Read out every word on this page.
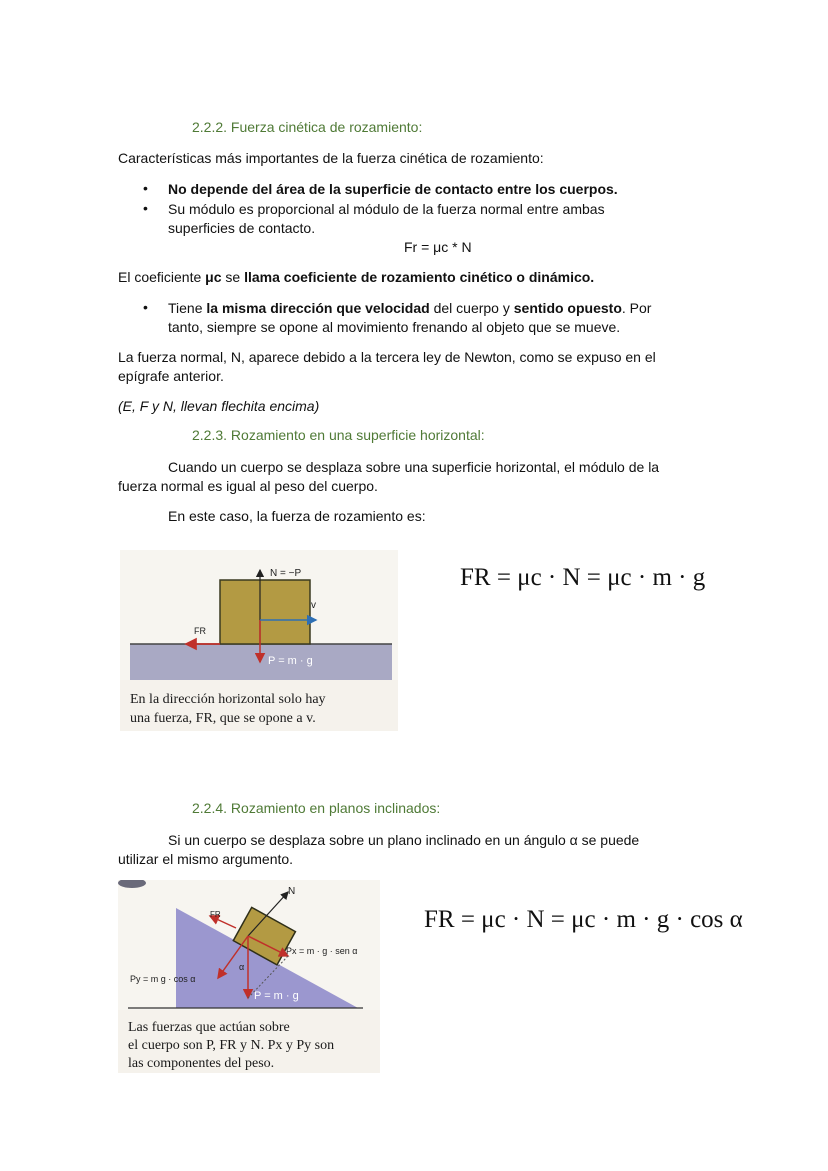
2.2.2. Fuerza cinética de rozamiento:
Características más importantes de la fuerza cinética de rozamiento:
• No depende del área de la superficie de contacto entre los cuerpos.
• Su módulo es proporcional al módulo de la fuerza normal entre ambas
superficies de contacto.
Fr = μc * N
El coeficiente μc se llama coeficiente de rozamiento cinético o dinámico.
• Tiene la misma dirección que velocidad del cuerpo y sentido opuesto. Por
tanto, siempre se opone al movimiento frenando al objeto que se mueve.
La fuerza normal, N, aparece debido a la tercera ley de Newton, como se expuso en el
epígrafe anterior.
(E, F y N, llevan flechita encima)
2.2.3. Rozamiento en una superficie horizontal:
Cuando un cuerpo se desplaza sobre una superficie horizontal, el módulo de la
fuerza normal es igual al peso del cuerpo.
En este caso, la fuerza de rozamiento es:
N = −P
v
FR
P = m · g
En la dirección horizontal solo hay
una fuerza, FR, que se opone a v.
FR = μc · N = μc · m · g
2.2.4. Rozamiento en planos inclinados:
Si un cuerpo se desplaza sobre un plano inclinado en un ángulo α se puede
utilizar el mismo argumento.
N
FR
Px = m · g · sen α
Py = m g · cos α
P = m · g
α
Las fuerzas que actúan sobre
el cuerpo son P, FR y N. Px y Py son
las componentes del peso.
FR = μc · N = μc · m · g · cos α
